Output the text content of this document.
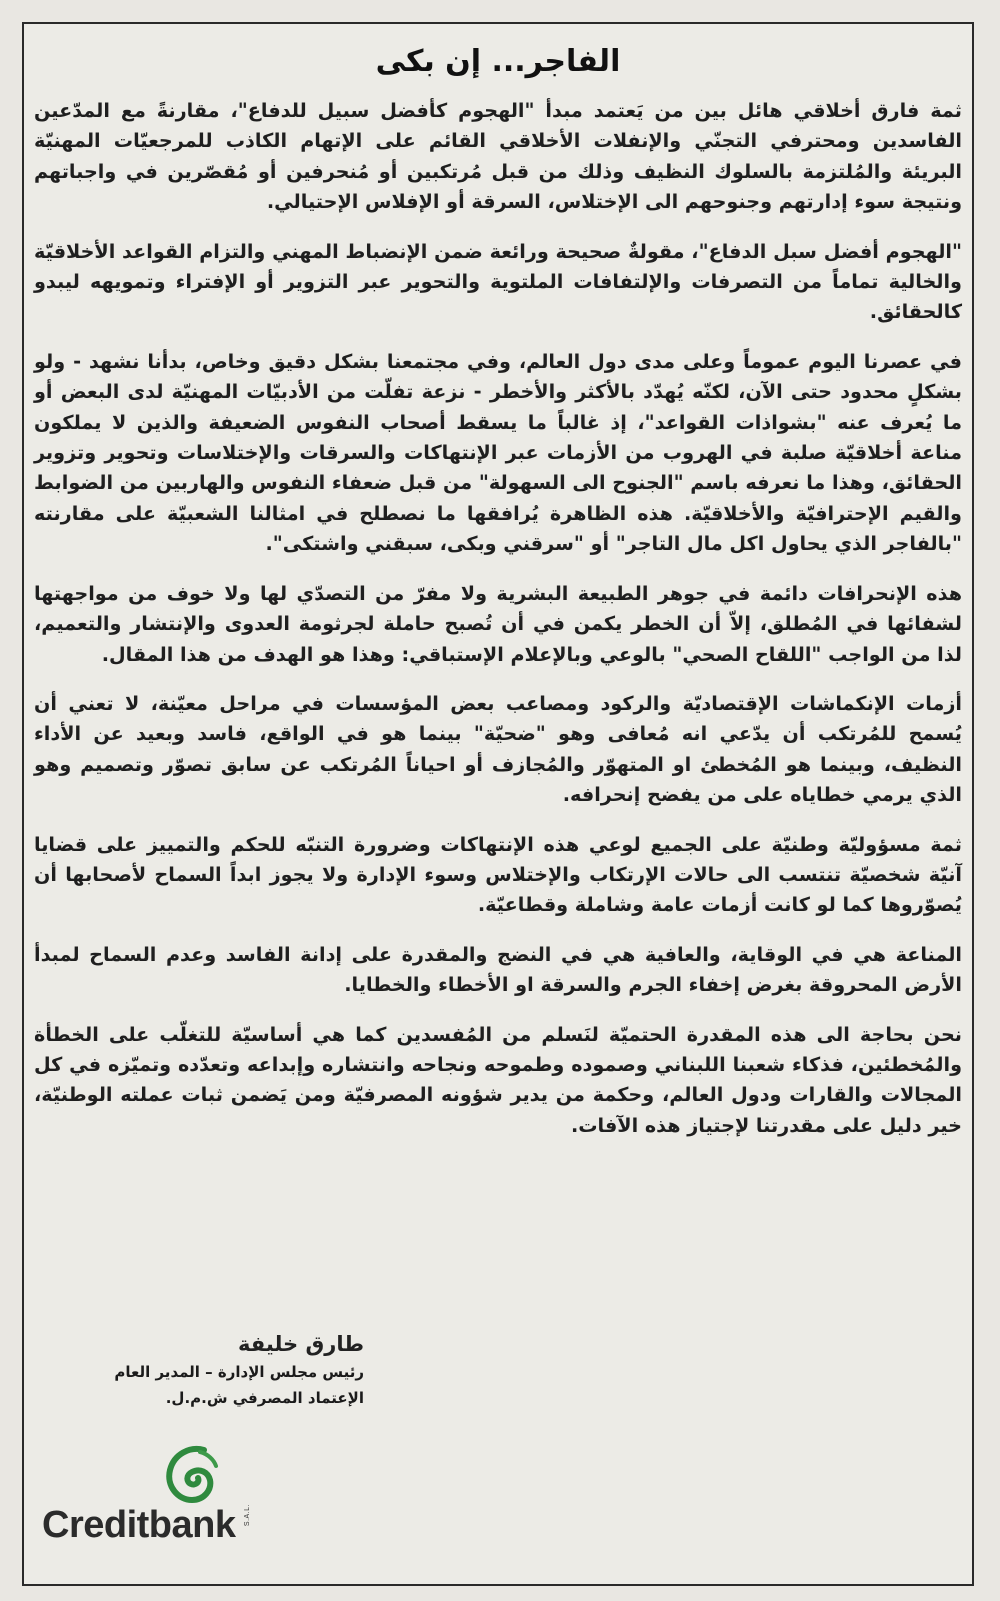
الفاجر... إن بكى

ثمة فارق أخلاقي هائل بين من يَعتمد مبدأ "الهجوم كأفضل سبيل للدفاع"، مقارنةً مع المدّعين الفاسدين ومحترفي التجنّي والإنفلات الأخلاقي القائم على الإتهام الكاذب للمرجعيّات المهنيّة البريئة والمُلتزمة بالسلوك النظيف وذلك من قبل مُرتكبين أو مُنحرفين أو مُقصّرين في واجباتهم ونتيجة سوء إدارتهم وجنوحهم الى الإختلاس، السرقة أو الإفلاس الإحتيالي.

"الهجوم أفضل سبل الدفاع"، مقولةٌ صحيحة ورائعة ضمن الإنضباط المهني والتزام القواعد الأخلاقيّة والخالية تماماً من التصرفات والإلتفافات الملتوية والتحوير عبر التزوير أو الإفتراء وتمويهه ليبدو كالحقائق.

في عصرنا اليوم عموماً وعلى مدى دول العالم، وفي مجتمعنا بشكل دقيق وخاص، بدأنا نشهد - ولو بشكلٍ محدود حتى الآن، لكنّه يُهدّد بالأكثر والأخطر - نزعة تفلّت من الأدبيّات المهنيّة لدى البعض أو ما يُعرف عنه "بشواذات القواعد"، إذ غالباً ما يسقط أصحاب النفوس الضعيفة والذين لا يملكون مناعة أخلاقيّة صلبة في الهروب من الأزمات عبر الإنتهاكات والسرقات والإختلاسات وتحوير وتزوير الحقائق، وهذا ما نعرفه باسم "الجنوح الى السهولة" من قبل ضعفاء النفوس والهاربين من الضوابط والقيم الإحترافيّة والأخلاقيّة. هذه الظاهرة يُرافقها ما نصطلح في امثالنا الشعبيّة على مقارنته "بالفاجر الذي يحاول اكل مال التاجر" أو "سرقني وبكى، سبقني واشتكى".

هذه الإنحرافات دائمة في جوهر الطبيعة البشرية ولا مفرّ من التصدّي لها ولا خوف من مواجهتها لشفائها في المُطلق، إلاّ أن الخطر يكمن في أن تُصبح حاملة لجرثومة العدوى والإنتشار والتعميم، لذا من الواجب "اللقاح الصحي" بالوعي وبالإعلام الإستباقي: وهذا هو الهدف من هذا المقال.

أزمات الإنكماشات الإقتصاديّة والركود ومصاعب بعض المؤسسات في مراحل معيّنة، لا تعني أن يُسمح للمُرتكب أن يدّعي انه مُعافى وهو "ضحيّة" بينما هو في الواقع، فاسد وبعيد عن الأداء النظيف، وبينما هو المُخطئ او المتهوّر والمُجازف أو احياناً المُرتكب عن سابق تصوّر وتصميم وهو الذي يرمي خطاياه على من يفضح إنحرافه.

ثمة مسؤوليّة وطنيّة على الجميع لوعي هذه الإنتهاكات وضرورة التنبّه للحكم والتمييز على قضايا آنيّة شخصيّة تنتسب الى حالات الإرتكاب والإختلاس وسوء الإدارة ولا يجوز ابداً السماح لأصحابها أن يُصوّروها كما لو كانت أزمات عامة وشاملة وقطاعيّة.

المناعة هي في الوقاية، والعافية هي في النضج والمقدرة على إدانة الفاسد وعدم السماح لمبدأ الأرض المحروقة بغرض إخفاء الجرم والسرقة او الأخطاء والخطايا.

نحن بحاجة الى هذه المقدرة الحتميّة لنَسلم من المُفسدين كما هي أساسيّة للتغلّب على الخطأة والمُخطئين، فذكاء شعبنا اللبناني وصموده وطموحه ونجاحه وانتشاره وإبداعه وتعدّده وتميّزه في كل المجالات والقارات ودول العالم، وحكمة من يدير شؤونه المصرفيّة ومن يَضمن ثبات عملته الوطنيّة، خير دليل على مقدرتنا لإجتياز هذه الآفات.

طارق خليفة
رئيس مجلس الإدارة – المدير العام
الإعتماد المصرفي ش.م.ل.
Creditbank S.A.L.
